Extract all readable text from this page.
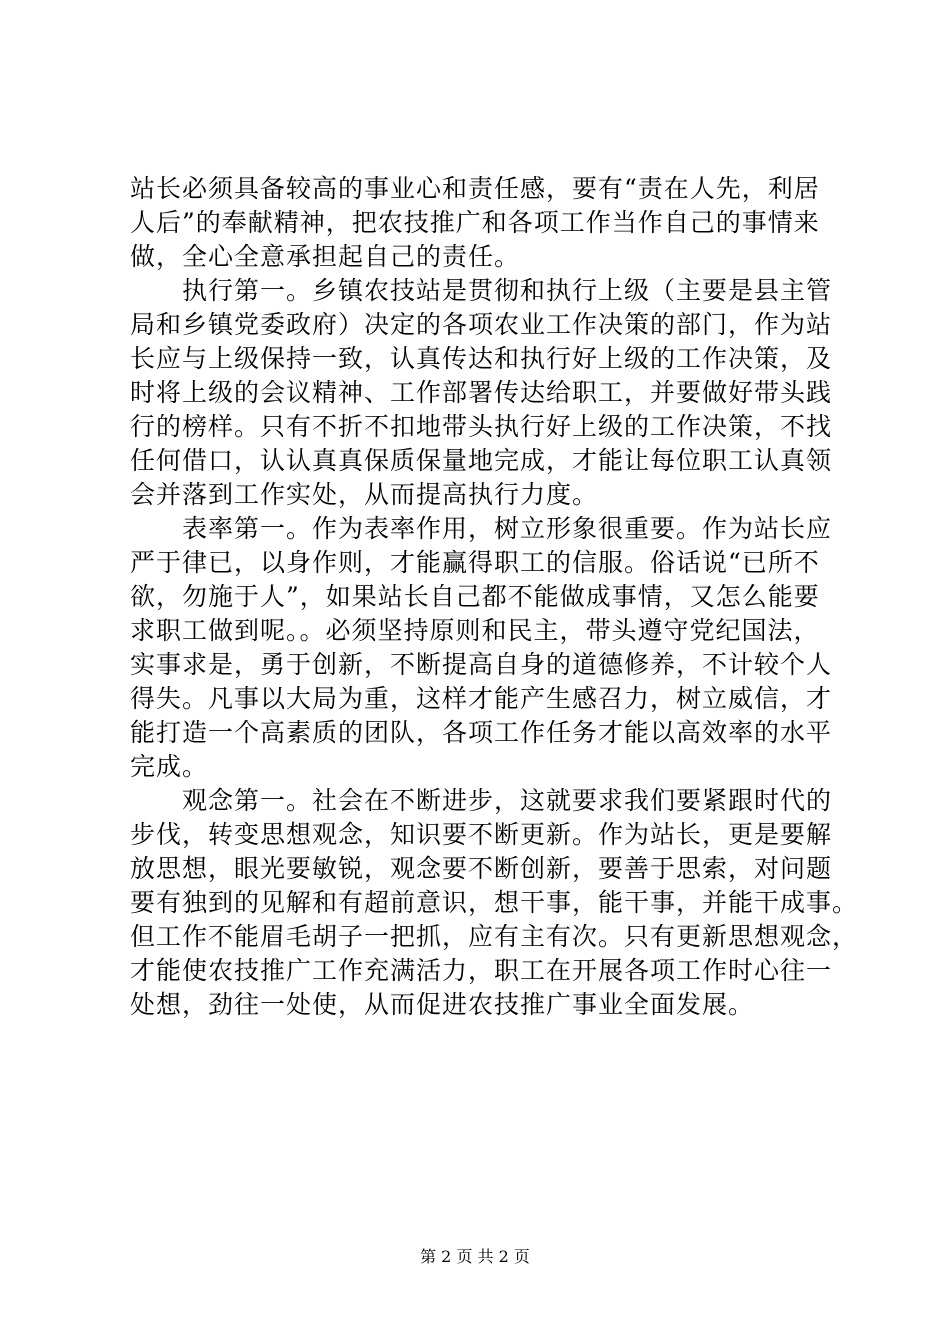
站长必须具备较高的事业心和责任感，要有“责在人先，利居
人后”的奉献精神，把农技推广和各项工作当作自己的事情来
做，全心全意承担起自己的责任。
执行第一。乡镇农技站是贯彻和执行上级（主要是县主管
局和乡镇党委政府）决定的各项农业工作决策的部门，作为站
长应与上级保持一致，认真传达和执行好上级的工作决策，及
时将上级的会议精神、工作部署传达给职工，并要做好带头践
行的榜样。只有不折不扣地带头执行好上级的工作决策，不找
任何借口，认认真真保质保量地完成，才能让每位职工认真领
会并落到工作实处，从而提高执行力度。
表率第一。作为表率作用，树立形象很重要。作为站长应
严于律已，以身作则，才能赢得职工的信服。俗话说“已所不
欲，勿施于人”，如果站长自己都不能做成事情，又怎么能要
求职工做到呢。。必须坚持原则和民主，带头遵守党纪国法，
实事求是，勇于创新，不断提高自身的道德修养，不计较个人
得失。凡事以大局为重，这样才能产生感召力，树立威信，才
能打造一个高素质的团队，各项工作任务才能以高效率的水平
完成。
观念第一。社会在不断进步，这就要求我们要紧跟时代的
步伐，转变思想观念，知识要不断更新。作为站长，更是要解
放思想，眼光要敏锐，观念要不断创新，要善于思索，对问题
要有独到的见解和有超前意识，想干事，能干事，并能干成事。
但工作不能眉毛胡子一把抓，应有主有次。只有更新思想观念，
才能使农技推广工作充满活力，职工在开展各项工作时心往一
处想，劲往一处使，从而促进农技推广事业全面发展。
第 2 页 共 2 页
